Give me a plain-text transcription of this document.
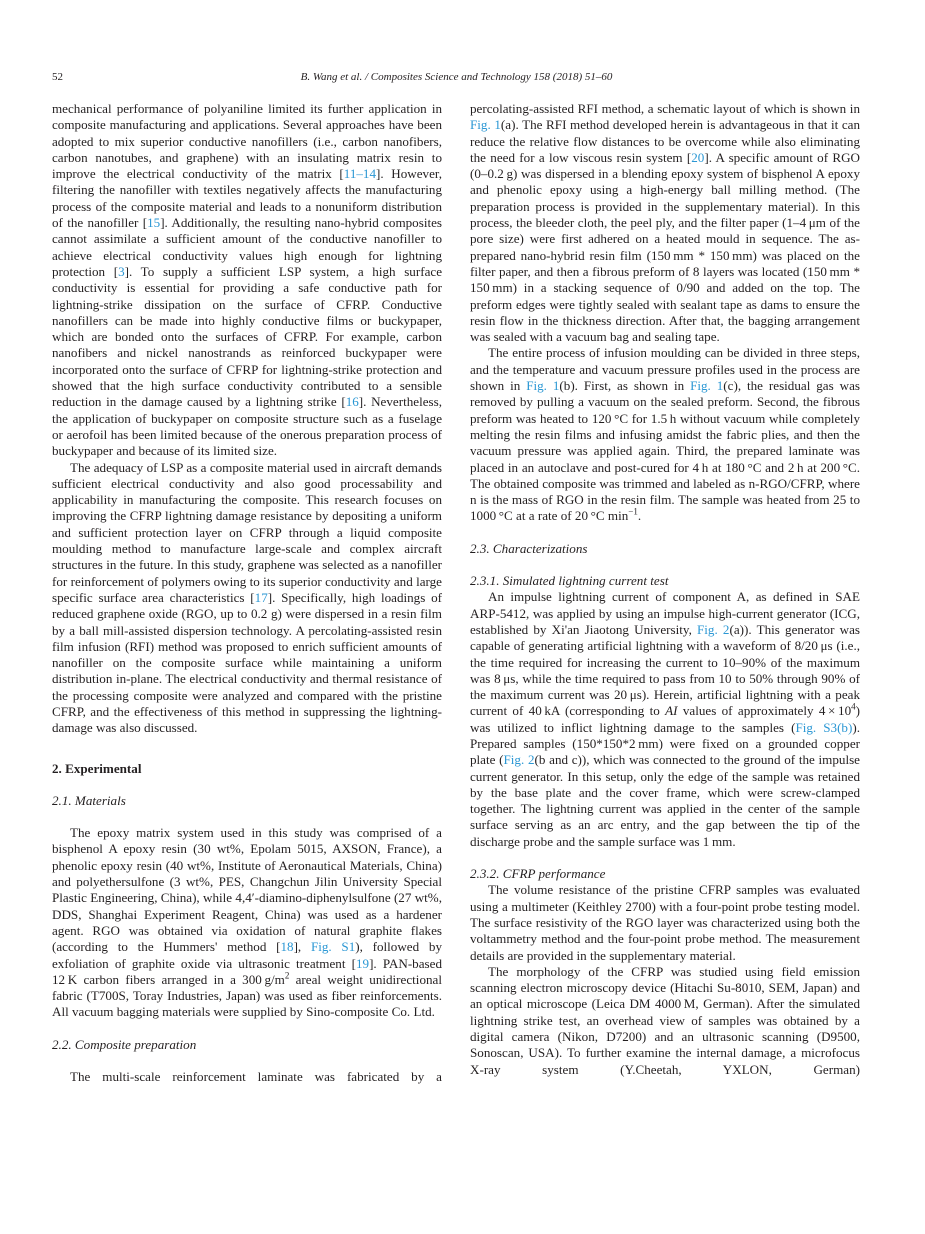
52	B. Wang et al. / Composites Science and Technology 158 (2018) 51–60

mechanical performance of polyaniline limited its further application in composite manufacturing and applications. Several approaches have been adopted to mix superior conductive nanofillers (i.e., carbon nanofibers, carbon nanotubes, and graphene) with an insulating matrix resin to improve the electrical conductivity of the matrix [11–14]. However, filtering the nanofiller with textiles negatively affects the manufacturing process of the composite material and leads to a nonuniform distribution of the nanofiller [15]. Additionally, the resulting nano-hybrid composites cannot assimilate a sufficient amount of the conductive nanofiller to achieve electrical conductivity values high enough for lightning protection [3]. To supply a sufficient LSP system, a high surface conductivity is essential for providing a safe conductive path for lightning-strike dissipation on the surface of CFRP. Conductive nanofillers can be made into highly conductive films or buckypaper, which are bonded onto the surfaces of CFRP. For example, carbon nanofibers and nickel nanostrands as reinforced buckypaper were incorporated onto the surface of CFRP for lightning-strike protection and showed that the high surface conductivity contributed to a sensible reduction in the damage caused by a lightning strike [16]. Nevertheless, the application of buckypaper on composite structure such as a fuselage or aerofoil has been limited because of the onerous preparation process of buckypaper and because of its limited size.

The adequacy of LSP as a composite material used in aircraft demands sufficient electrical conductivity and also good processability and applicability in manufacturing the composite. This research focuses on improving the CFRP lightning damage resistance by depositing a uniform and sufficient protection layer on CFRP through a liquid composite moulding method to manufacture large-scale and complex aircraft structures in the future. In this study, graphene was selected as a nanofiller for reinforcement of polymers owing to its superior conductivity and large specific surface area characteristics [17]. Specifically, high loadings of reduced graphene oxide (RGO, up to 0.2 g) were dispersed in a resin film by a ball mill-assisted dispersion technology. A percolating-assisted resin film infusion (RFI) method was proposed to enrich sufficient amounts of nanofiller on the composite surface while maintaining a uniform distribution in-plane. The electrical conductivity and thermal resistance of the processing composite were analyzed and compared with the pristine CFRP, and the effectiveness of this method in suppressing the lightning-damage was also discussed.

2. Experimental
2.1. Materials

The epoxy matrix system used in this study was comprised of a bisphenol A epoxy resin (30 wt%, Epolam 5015, AXSON, France), a phenolic epoxy resin (40 wt%, Institute of Aeronautical Materials, China) and polyethersulfone (3 wt%, PES, Changchun Jilin University Special Plastic Engineering, China), while 4,4′-diamino-diphenylsulfone (27 wt%, DDS, Shanghai Experiment Reagent, China) was used as a hardener agent. RGO was obtained via oxidation of natural graphite flakes (according to the Hummers' method [18], Fig. S1), followed by exfoliation of graphite oxide via ultrasonic treatment [19]. PAN-based 12 K carbon fibers arranged in a 300 $g/m^2$ areal weight unidirectional fabric (T700S, Toray Industries, Japan) was used as fiber reinforcements. All vacuum bagging materials were supplied by Sino-composite Co. Ltd.

2.2. Composite preparation

The multi-scale reinforcement laminate was fabricated by a

percolating-assisted RFI method, a schematic layout of which is shown in Fig. 1(a). The RFI method developed herein is advantageous in that it can reduce the relative flow distances to be overcome while also eliminating the need for a low viscous resin system [20]. A specific amount of RGO (0–0.2 g) was dispersed in a blending epoxy system of bisphenol A epoxy and phenolic epoxy using a high-energy ball milling method. (The preparation process is provided in the supplementary material). In this process, the bleeder cloth, the peel ply, and the filter paper (1–4 μm of the pore size) were first adhered on a heated mould in sequence. The as-prepared nano-hybrid resin film (150 mm * 150 mm) was placed on the filter paper, and then a fibrous preform of 8 layers was located (150 mm * 150 mm) in a stacking sequence of 0/90 and added on the top. The preform edges were tightly sealed with sealant tape as dams to ensure the resin flow in the thickness direction. After that, the bagging arrangement was sealed with a vacuum bag and sealing tape.

The entire process of infusion moulding can be divided in three steps, and the temperature and vacuum pressure profiles used in the process are shown in Fig. 1(b). First, as shown in Fig. 1(c), the residual gas was removed by pulling a vacuum on the sealed preform. Second, the fibrous preform was heated to 120 °C for 1.5 h without vacuum while completely melting the resin films and infusing amidst the fabric plies, and then the vacuum pressure was applied again. Third, the prepared laminate was placed in an autoclave and post-cured for 4 h at 180 °C and 2 h at 200 °C. The obtained composite was trimmed and labeled as n-RGO/CFRP, where n is the mass of RGO in the resin film. The sample was heated from 25 to 1000 °C at a rate of 20 °C $\min^{-1}$.

2.3. Characterizations
2.3.1. Simulated lightning current test

An impulse lightning current of component A, as defined in SAE ARP-5412, was applied by using an impulse high-current generator (ICG, established by Xi'an Jiaotong University, Fig. 2(a)). This generator was capable of generating artificial lightning with a waveform of 8/20 μs (i.e., the time required for increasing the current to 10–90% of the maximum was 8 μs, while the time required to pass from 10 to 50% through 90% of the maximum current was 20 μs). Herein, artificial lightning with a peak current of 40 kA (corresponding to AI values of approximately $4 \times 10^4$) was utilized to inflict lightning damage to the samples (Fig. S3(b)). Prepared samples (150*150*2 mm) were fixed on a grounded copper plate (Fig. 2(b and c)), which was connected to the ground of the impulse current generator. In this setup, only the edge of the sample was retained by the base plate and the cover frame, which were screw-clamped together. The lightning current was applied in the center of the sample surface serving as an arc entry, and the gap between the tip of the discharge probe and the sample surface was 1 mm.

2.3.2. CFRP performance

The volume resistance of the pristine CFRP samples was evaluated using a multimeter (Keithley 2700) with a four-point probe testing model. The surface resistivity of the RGO layer was characterized using both the voltammetry method and the four-point probe method. The measurement details are provided in the supplementary material.

The morphology of the CFRP was studied using field emission scanning electron microscopy device (Hitachi Su-8010, SEM, Japan) and an optical microscope (Leica DM 4000 M, German). After the simulated lightning strike test, an overhead view of samples was obtained by a digital camera (Nikon, D7200) and an ultrasonic scanning (D9500, Sonoscan, USA). To further examine the internal damage, a microfocus X-ray system (Y.Cheetah, YXLON, German)
